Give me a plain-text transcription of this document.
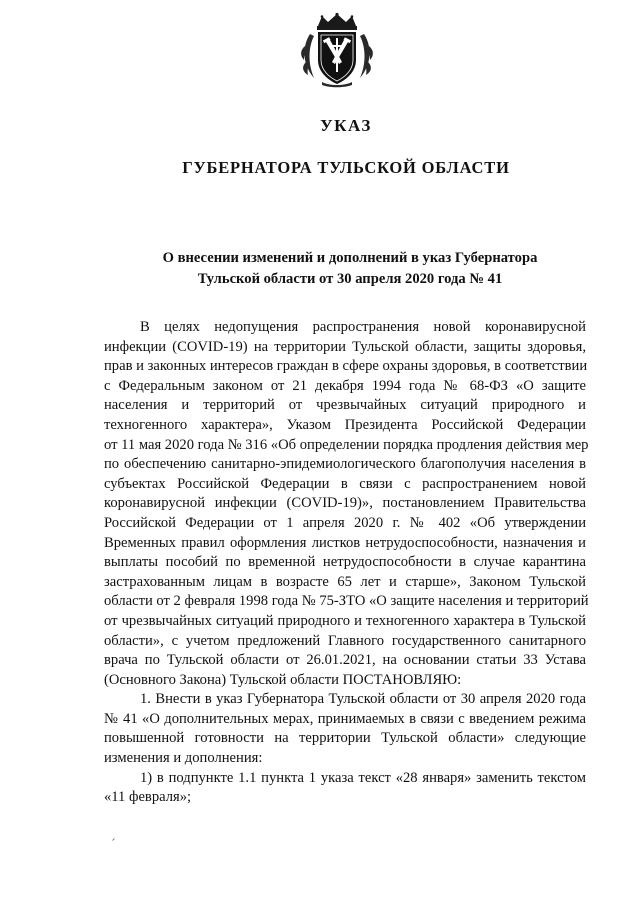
УКАЗ
ГУБЕРНАТОРА ТУЛЬСКОЙ ОБЛАСТИ
О внесении изменений и дополнений в указ Губернатора
Тульской области от 30 апреля 2020 года № 41
В целях недопущения распространения новой коронавирусной
инфекции (COVID-19) на территории Тульской области, защиты здоровья,
прав и законных интересов граждан в сфере охраны здоровья, в соответствии
с Федеральным законом от 21 декабря 1994 года № 68-ФЗ «О защите
населения и территорий от чрезвычайных ситуаций природного и
техногенного характера», Указом Президента Российской Федерации
от 11 мая 2020 года № 316 «Об определении порядка продления действия мер
по обеспечению санитарно-эпидемиологического благополучия населения в
субъектах Российской Федерации в связи с распространением новой
коронавирусной инфекции (COVID-19)», постановлением Правительства
Российской Федерации от 1 апреля 2020 г. № 402 «Об утверждении
Временных правил оформления листков нетрудоспособности, назначения и
выплаты пособий по временной нетрудоспособности в случае карантина
застрахованным лицам в возрасте 65 лет и старше», Законом Тульской
области от 2 февраля 1998 года № 75-ЗТО «О защите населения и территорий
от чрезвычайных ситуаций природного и техногенного характера в Тульской
области», с учетом предложений Главного государственного санитарного
врача по Тульской области от 26.01.2021, на основании статьи 33 Устава
(Основного Закона) Тульской области ПОСТАНОВЛЯЮ:
1. Внести в указ Губернатора Тульской области от 30 апреля 2020 года
№ 41 «О дополнительных мерах, принимаемых в связи с введением режима
повышенной готовности на территории Тульской области» следующие
изменения и дополнения:
1) в подпункте 1.1 пункта 1 указа текст «28 января» заменить текстом
«11 февраля»;
